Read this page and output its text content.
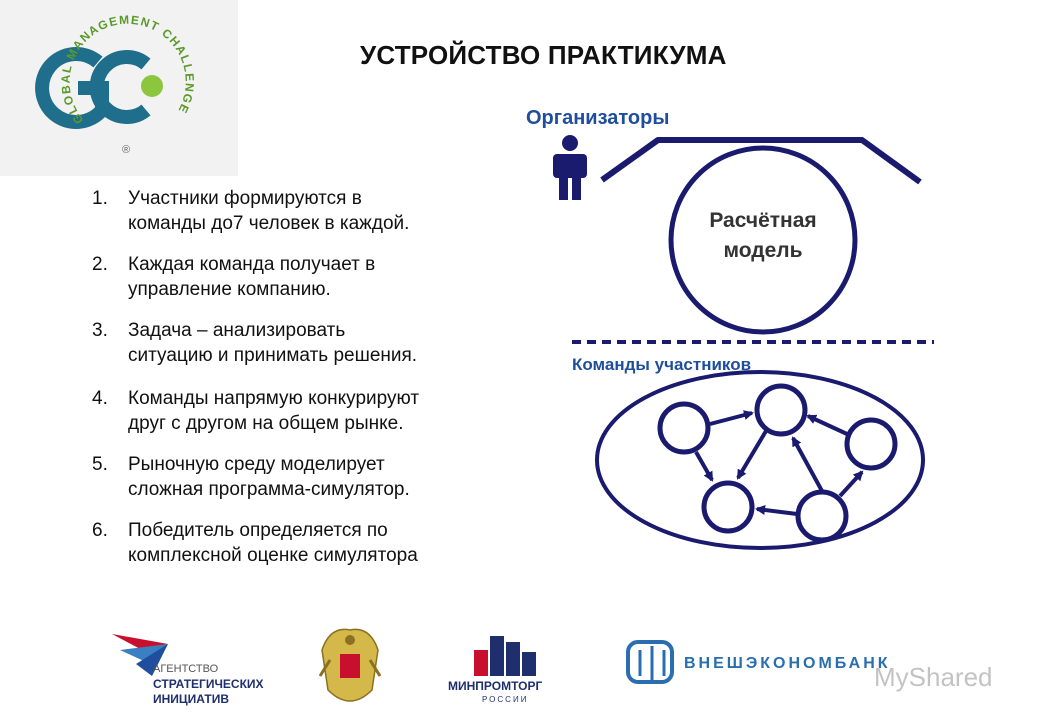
GLOBAL MANAGEMENT CHALLENGE
®
УСТРОЙСТВО ПРАКТИКУМА
1.	Участники формируются в
команды до7 человек в каждой.
2.	Каждая команда получает в
управление компанию.
3.	Задача – анализировать
ситуацию и принимать решения.
4.	Команды напрямую конкурируют
друг с другом на общем рынке.
5.	Рыночную среду моделирует
сложная программа-симулятор.
6.	Победитель определяется по
комплексной оценке симулятора
Организаторы
Расчётная
модель
Команды участников
АГЕНТСТВО
СТРАТЕГИЧЕСКИХ
ИНИЦИАТИВ
МИНПРОМТОРГ
РОССИИ
ВНЕШЭКОНОМБАНК
MyShared
